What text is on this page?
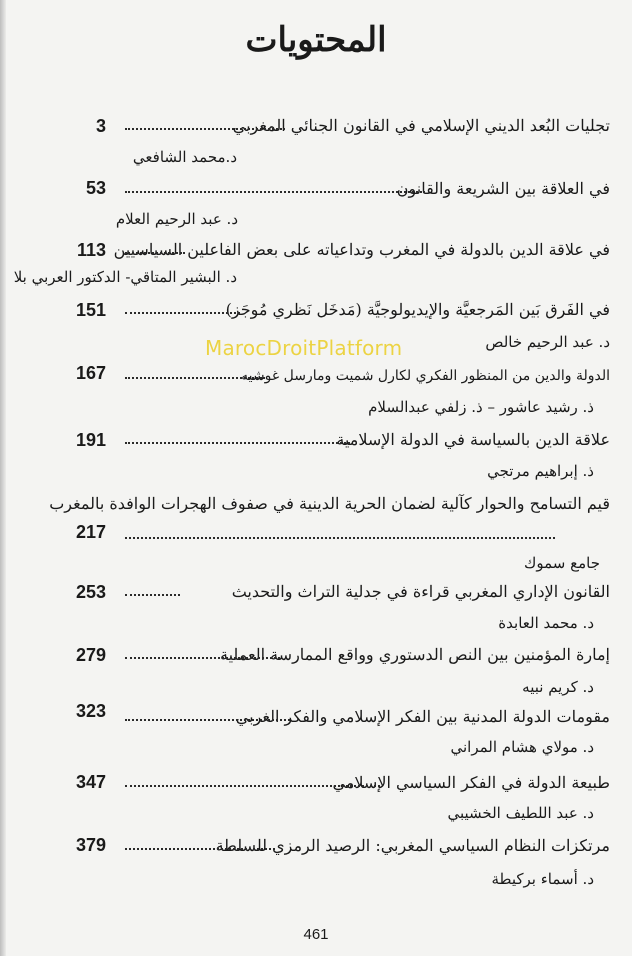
المحتويات
تجليات البُعد الديني الإسلامي في القانون الجنائي المغربي
3
د.محمد الشافعي
في العلاقة بين الشريعة والقانون
53
د. عبد الرحيم العلام
في علاقة الدين بالدولة في المغرب وتداعياته على بعض الفاعلين السياسيين
113
د. البشير المتاقي- الدكتور العربي بلا
في الفَرق بَين المَرجعيَّة والإيديولوجيَّة (مَدخَل نَظري مُوجَز)
151
د. عبد الرحيم خالص
الدولة والدين من المنظور الفكري لكارل شميت ومارسل غوشيه
167
ذ. رشيد عاشور – ذ. زلفي عبدالسلام
علاقة الدين بالسياسة في الدولة الإسلامية
191
ذ. إبراهيم مرتجي
قيم التسامح والحوار كآلية لضمان الحرية الدينية في صفوف الهجرات الوافدة بالمغرب
217
جامع سموك
القانون الإداري المغربي قراءة في جدلية التراث والتحديث
253
د. محمد العابدة
إمارة المؤمنين بين النص الدستوري وواقع الممارسة العملية
279
د. كريم نبيه
مقومات الدولة المدنية بين الفكر الإسلامي والفكر الغربي
323
د. مولاي هشام المراني
طبيعة الدولة في الفكر السياسي الإسلامي
347
د. عبد اللطيف الخشيبي
مرتكزات النظام السياسي المغربي: الرصيد الرمزي للسلطة
379
د. أسماء بركيطة
MarocDroitPlatform
461
